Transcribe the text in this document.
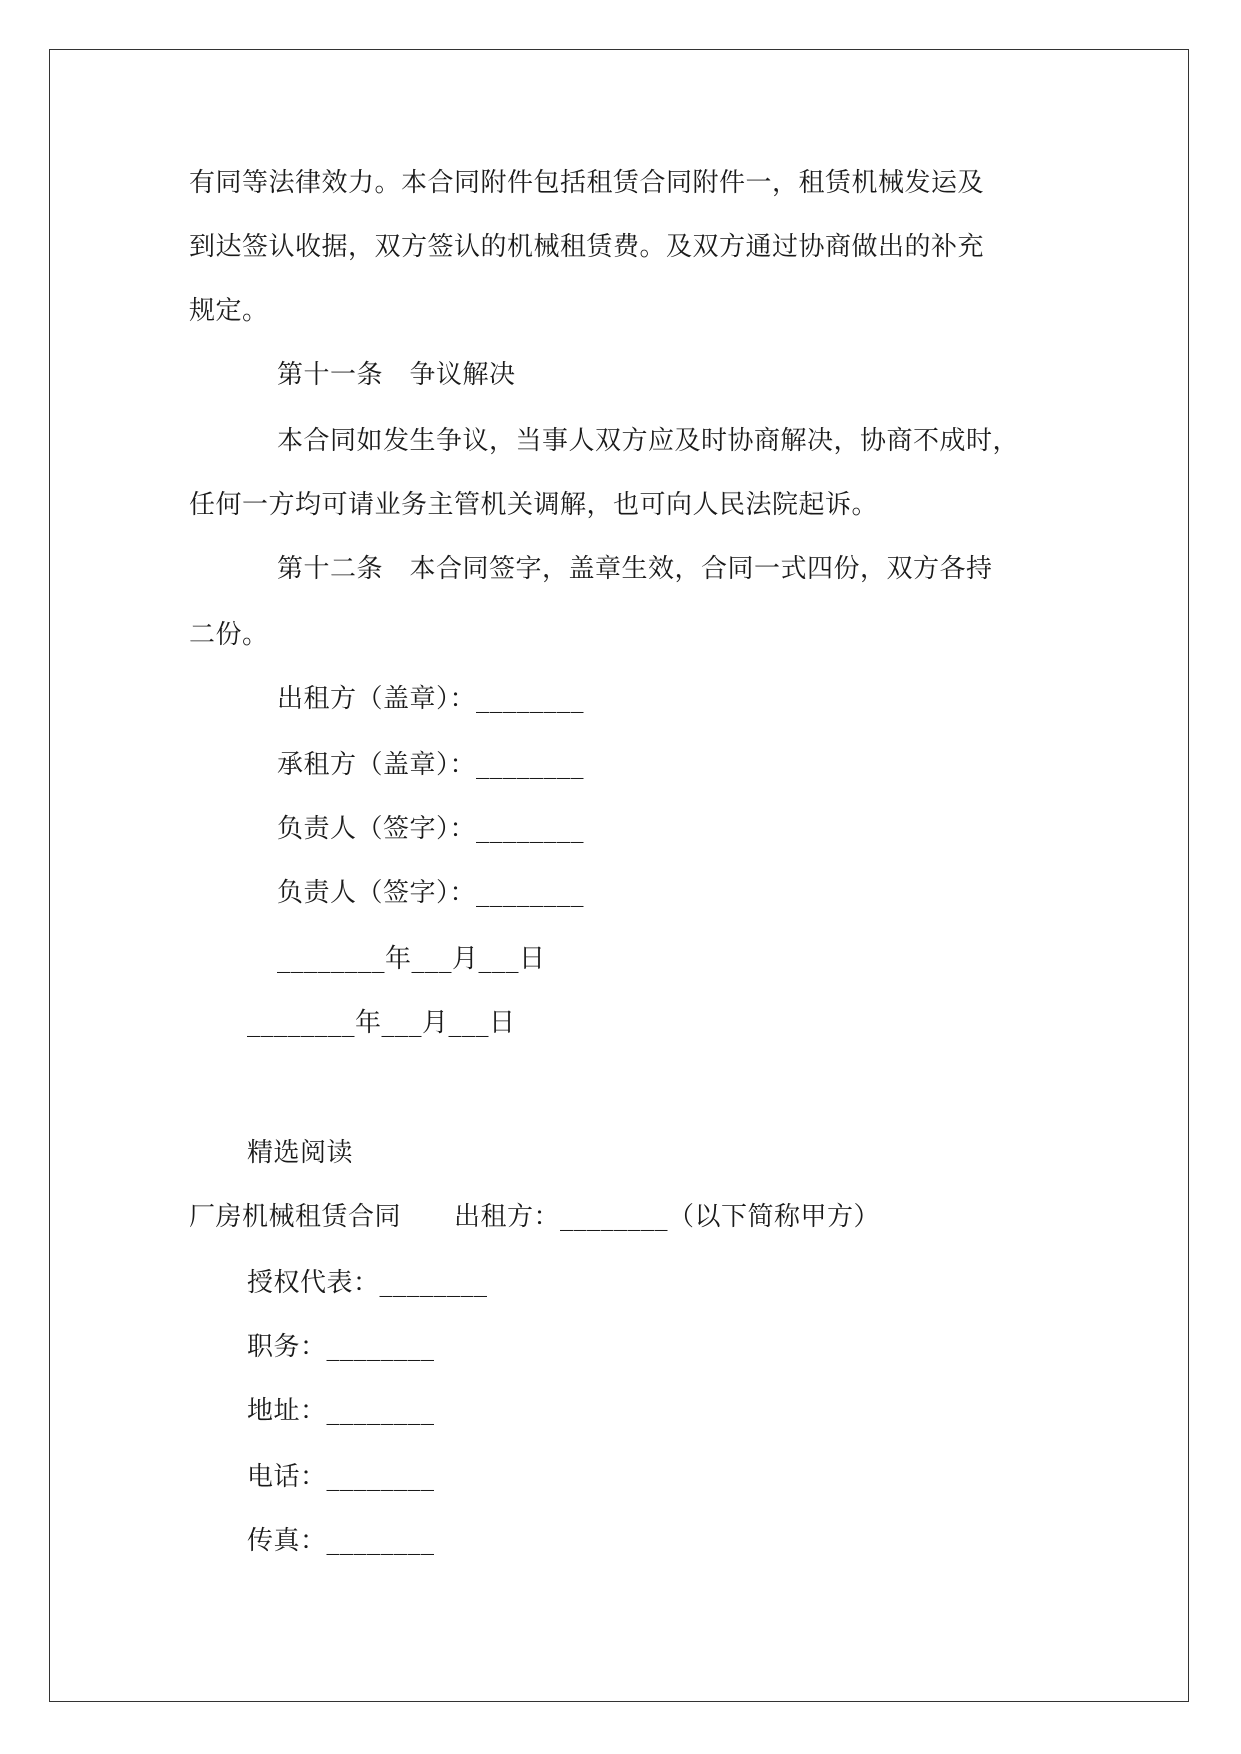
有同等法律效力。本合同附件包括租赁合同附件一，租赁机械发运及
到达签认收据，双方签认的机械租赁费。及双方通过协商做出的补充
规定。
第十一条　争议解决
本合同如发生争议，当事人双方应及时协商解决，协商不成时，
任何一方均可请业务主管机关调解，也可向人民法院起诉。
第十二条　本合同签字，盖章生效，合同一式四份，双方各持
二份。
出租方（盖章）：________
承租方（盖章）：________
负责人（签字）：________
负责人（签字）：________
________年___月___日
________年___月___日
精选阅读
厂房机械租赁合同　　出租方：________（以下简称甲方）
授权代表：________
职务：________
地址：________
电话：________
传真：________
